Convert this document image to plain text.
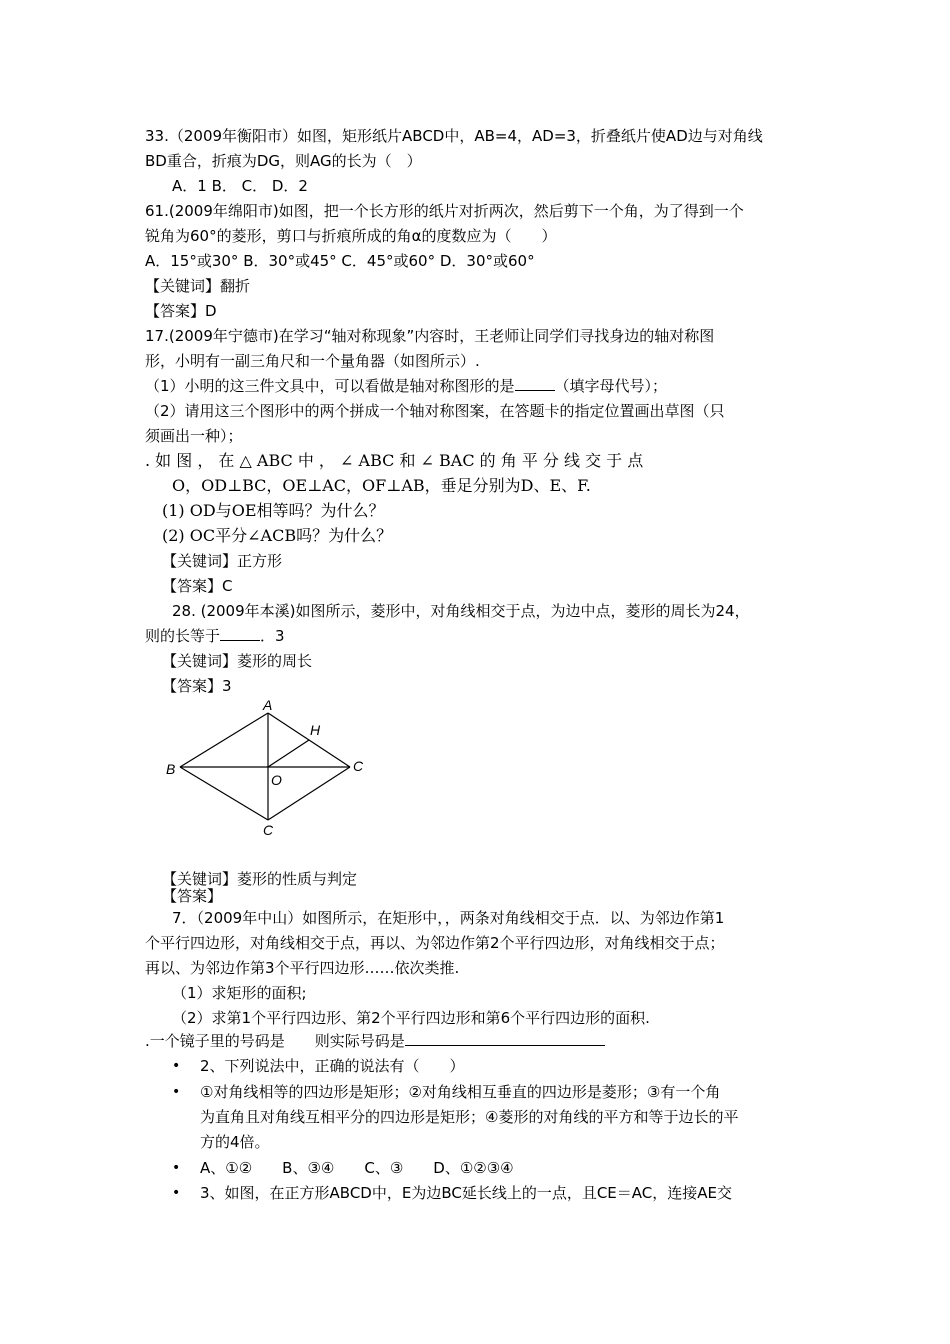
33.（2009年衡阳市）如图，矩形纸片ABCD中，AB=4，AD=3，折叠纸片使AD边与对角线
BD重合，折痕为DG，则AG的长为（　）
A．1 B． C． D．2
61.(2009年绵阳市)如图，把一个长方形的纸片对折两次，然后剪下一个角，为了得到一个
锐角为60°的菱形，剪口与折痕所成的角α的度数应为（　　）
A．15°或30° B．30°或45° C．45°或60° D．30°或60°
【关键词】翻折
【答案】D
17.(2009年宁德市)在学习“轴对称现象”内容时，王老师让同学们寻找身边的轴对称图
形，小明有一副三角尺和一个量角器（如图所示）.
（1）小明的这三件文具中，可以看做是轴对称图形的是	（填字母代号）；
（2）请用这三个图形中的两个拼成一个轴对称图案，在答题卡的指定位置画出草图（只
须画出一种）；
. 如 图 ， 在 △ ABC 中 ， ∠ ABC 和 ∠ BAC 的 角 平 分 线 交 于 点
O，OD⊥BC，OE⊥AC，OF⊥AB，垂足分别为D、E、F.
(1) OD与OE相等吗？为什么？
(2) OC平分∠ACB吗？为什么？
【关键词】正方形
【答案】C
28. (2009年本溪)如图所示，菱形中，对角线相交于点，为边中点，菱形的周长为24，
则的长等于	．3
【关键词】菱形的周长
【答案】3
A
H
B
O
C
C
【关键词】菱形的性质与判定
【答案】
7．（2009年中山）如图所示，在矩形中，，两条对角线相交于点．以、为邻边作第1
个平行四边形，对角线相交于点，再以、为邻边作第2个平行四边形，对角线相交于点；
再以、为邻边作第3个平行四边形……依次类推.
（1）求矩形的面积;
（2）求第1个平行四边形、第2个平行四边形和第6个平行四边形的面积.
.一个镜子里的号码是　　则实际号码是
• 2、下列说法中，正确的说法有（　　）
• ①对角线相等的四边形是矩形；②对角线相互垂直的四边形是菱形；③有一个角
为直角且对角线互相平分的四边形是矩形；④菱形的对角线的平方和等于边长的平
方的4倍。
• A、①②　　B、③④　　C、③　　D、①②③④
• 3、如图，在正方形ABCD中，E为边BC延长线上的一点，且CE＝AC，连接AE交
